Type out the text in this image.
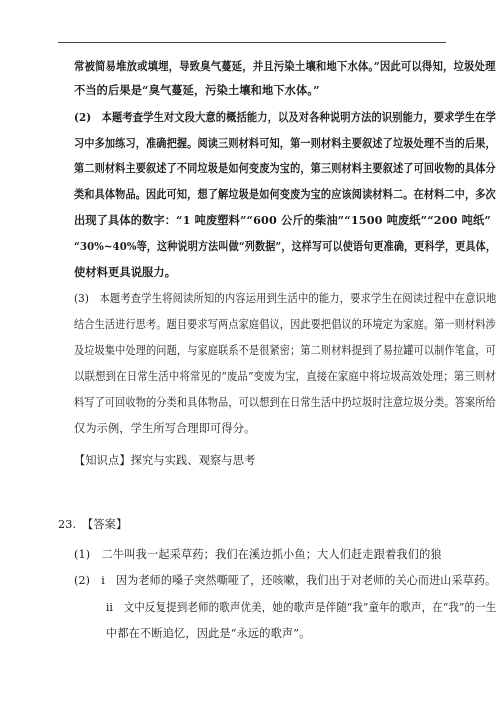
常被简易堆放或填埋，导致臭气蔓延，并且污染土壤和地下水体。”因此可以得知，垃圾处理
不当的后果是“臭气蔓延，污染土壤和地下水体。”
(2)　本题考查学生对文段大意的概括能力，以及对各种说明方法的识别能力，要求学生在学
习中多加练习，准确把握。阅读三则材料可知，第一则材料主要叙述了垃圾处理不当的后果，
第二则材料主要叙述了不同垃圾是如何变废为宝的，第三则材料主要叙述了可回收物的具体分
类和具体物品。因此可知，想了解垃圾是如何变废为宝的应该阅读材料二。在材料二中，多次
出现了具体的数字：“1 吨废塑料”“600 公斤的柴油”“1500 吨废纸”“200 吨纸”
“30%~40%等，这种说明方法叫做“列数据”，这样写可以使语句更准确，更科学，更具体，
使材料更具说服力。
(3)　本题考查学生将阅读所知的内容运用到生活中的能力，要求学生在阅读过程中在意识地
结合生活进行思考。题目要求写两点家庭倡议，因此要把倡议的环境定为家庭。第一则材料涉
及垃圾集中处理的问题，与家庭联系不是很紧密；第二则材料提到了易拉罐可以制作笔盒，可
以联想到在日常生活中将常见的“废品”变废为宝，直接在家庭中将垃圾高效处理；第三则材
料写了可回收物的分类和具体物品，可以想到在日常生活中扔垃圾时注意垃圾分类。答案所给
仅为示例，学生所写合理即可得分。
【知识点】探究与实践、观察与思考
23.　【答案】
(1)　二牛叫我一起采草药；我们在溪边抓小鱼；大人们赶走跟着我们的狼
(2)　i　因为老师的嗓子突然嘶哑了，还咳嗽，我们出于对老师的关心而进山采草药。
ii　文中反复提到老师的歌声优美，她的歌声是伴随“我”童年的歌声，在“我”的一生
中都在不断追忆，因此是“永远的歌声”。
